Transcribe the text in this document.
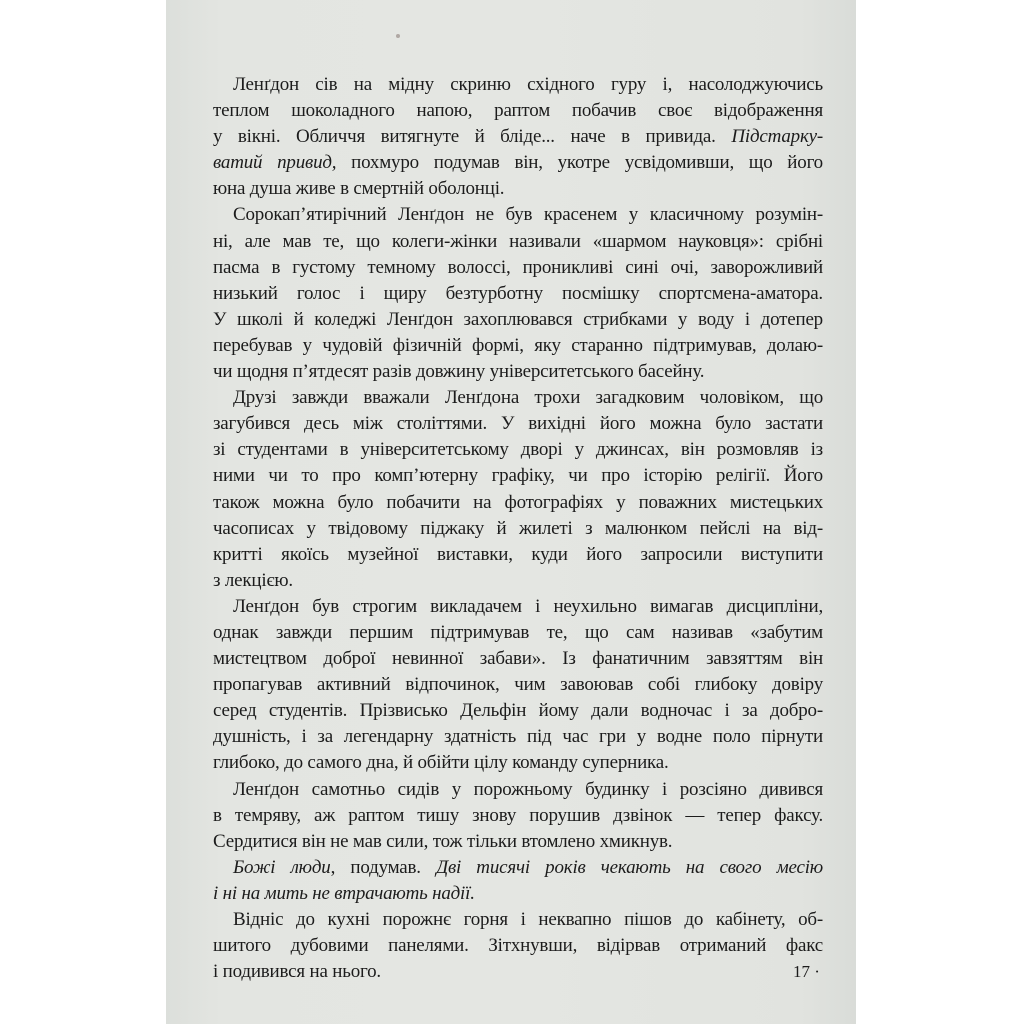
Ленґдон сів на мідну скриню східного гуру і, насолоджуючись
теплом шоколадного напою, раптом побачив своє відображення
у вікні. Обличчя витягнуте й бліде... наче в привида. Підстарку-
ватий привид, похмуро подумав він, укотре усвідомивши, що його
юна душа живе в смертній оболонці.
Сорокап’ятирічний Ленґдон не був красенем у класичному розумін-
ні, але мав те, що колеги-жінки називали «шармом науковця»: срібні
пасма в густому темному волоссі, проникливі сині очі, заворожливий
низький голос і щиру безтурботну посмішку спортсмена-аматора.
У школі й коледжі Ленґдон захоплювався стрибками у воду і дотепер
перебував у чудовій фізичній формі, яку старанно підтримував, долаю-
чи щодня п’ятдесят разів довжину університетського басейну.
Друзі завжди вважали Ленґдона трохи загадковим чоловіком, що
загубився десь між століттями. У вихідні його можна було застати
зі студентами в університетському дворі у джинсах, він розмовляв із
ними чи то про комп’ютерну графіку, чи про історію релігії. Його
також можна було побачити на фотографіях у поважних мистецьких
часописах у твідовому піджаку й жилеті з малюнком пейслі на від-
критті якоїсь музейної виставки, куди його запросили виступити
з лекцією.
Ленґдон був строгим викладачем і неухильно вимагав дисципліни,
однак завжди першим підтримував те, що сам називав «забутим
мистецтвом доброї невинної забави». Із фанатичним завзяттям він
пропагував активний відпочинок, чим завоював собі глибоку довіру
серед студентів. Прізвисько Дельфін йому дали водночас і за добро-
душність, і за легендарну здатність під час гри у водне поло пірнути
глибоко, до самого дна, й обійти цілу команду суперника.
Ленґдон самотньо сидів у порожньому будинку і розсіяно дивився
в темряву, аж раптом тишу знову порушив дзвінок — тепер факсу.
Сердитися він не мав сили, тож тільки втомлено хмикнув.
Божі люди, подумав. Дві тисячі років чекають на свого месію
і ні на мить не втрачають надії.
Відніс до кухні порожнє горня і неквапно пішов до кабінету, об-
шитого дубовими панелями. Зітхнувши, відірвав отриманий факс
і подивився на нього.	17 ·
